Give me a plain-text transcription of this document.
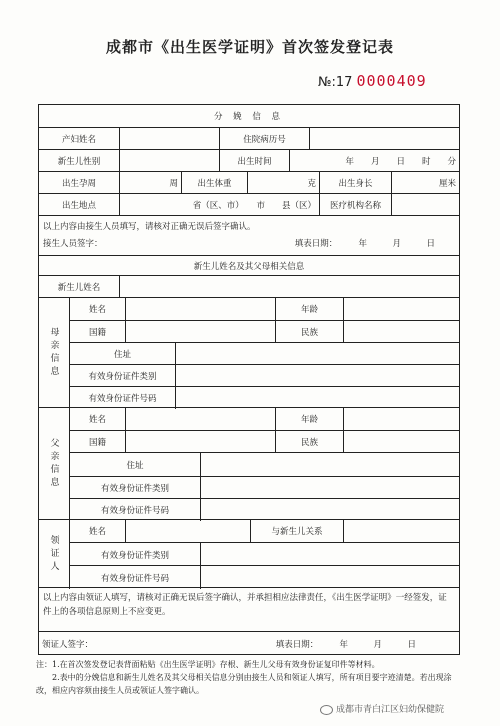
成都市《出生医学证明》首次签发登记表
№:17 0000409
分 娩 信 息
产妇姓名	住院病历号
新生儿性别	出生时间	年　　月　　日　　时　　分
出生孕周	周	出生体重	克	出生身长	厘米
出生地点	省（区、市）　　市　　县（区）	医疗机构名称
以上内容由接生人员填写，请核对正确无误后签字确认。
接生人员签字：	填表日期：　　　年　　　月　　　日
新生儿姓名及其父母相关信息
新生儿姓名
母亲信息
姓名	年龄
国籍	民族
住址
有效身份证件类别
有效身份证件号码
父亲信息
姓名	年龄
国籍	民族
住址
有效身份证件类别
有效身份证件号码
领证人
姓名	与新生儿关系
有效身份证件类别
有效身份证件号码
以上内容由领证人填写，请核对正确无误后签字确认，并承担相应法律责任，《出生医学证明》一经签发，证件上的各项信息原则上不应变更。
领证人签字：	填表日期：　　　年　　　月　　　日
注：1.在首次签发登记表背面粘贴《出生医学证明》存根、新生儿父母有效身份证复印件等材料。
　　2.表中的分娩信息和新生儿姓名及其父母相关信息分别由接生人员和领证人填写，所有项目要字迹清楚。若出现涂改，相应内容须由接生人员或领证人签字确认。
成都市青白江区妇幼保健院
